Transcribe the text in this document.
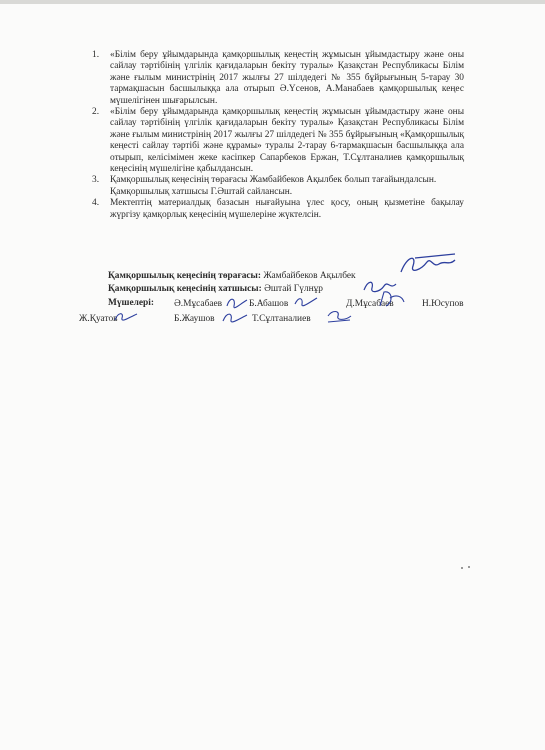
1. «Білім беру ұйымдарында қамқоршылық кеңестің жұмысын ұйымдастыру және оны сайлау тәртібінің үлгілік қағидаларын бекіту туралы» Қазақстан Республикасы Білім және ғылым министрінің 2017 жылғы 27 шілдедегі № 355 бұйрығының 5-тарау 30 тармақшасын басшылыққа ала отырып Ә.Үсенов, А.Манабаев қамқоршылық кеңес мүшелігінен шығарылсын.

2. «Білім беру ұйымдарында қамқоршылық кеңестің жұмысын ұйымдастыру және оны сайлау тәртібінің үлгілік қағидаларын бекіту туралы» Қазақстан Республикасы Білім және ғылым министрінің 2017 жылғы 27 шілдедегі № 355 бұйрығының «Қамқоршылық кеңесті сайлау тәртібі және құрамы» туралы 2-тарау 6-тармақшасын басшылыққа ала отырып, келісімімен жеке кәсіпкер Сапарбеков Ержан, Т.Сұлтаналиев қамқоршылық кеңесінің мүшелігіне қабылдансын.

3. Қамқоршылық кеңесінің төрағасы Жамбайбеков Ақылбек болып тағайындалсын.

Қамқоршылық хатшысы Г.Әштай сайлансын.

4. Мектептің материалдық базасын нығайуына үлес қосу, оның қызметіне бақылау жүргізу қамқорлық кеңесінің мүшелеріне жүктелсін.

Қамқоршылық кеңесінің төрағасы: Жамбайбеков Ақылбек
Қамқоршылық кеңесінің хатшысы: Әштай Гүлнұр
Мүшелері: Ә.Мұсабаев	Б.Абашов	Д.Мұсабаев	Н.Юсупов
Ж.Қуатов	Б.Жаушов	Т.Сұлтаналиев
